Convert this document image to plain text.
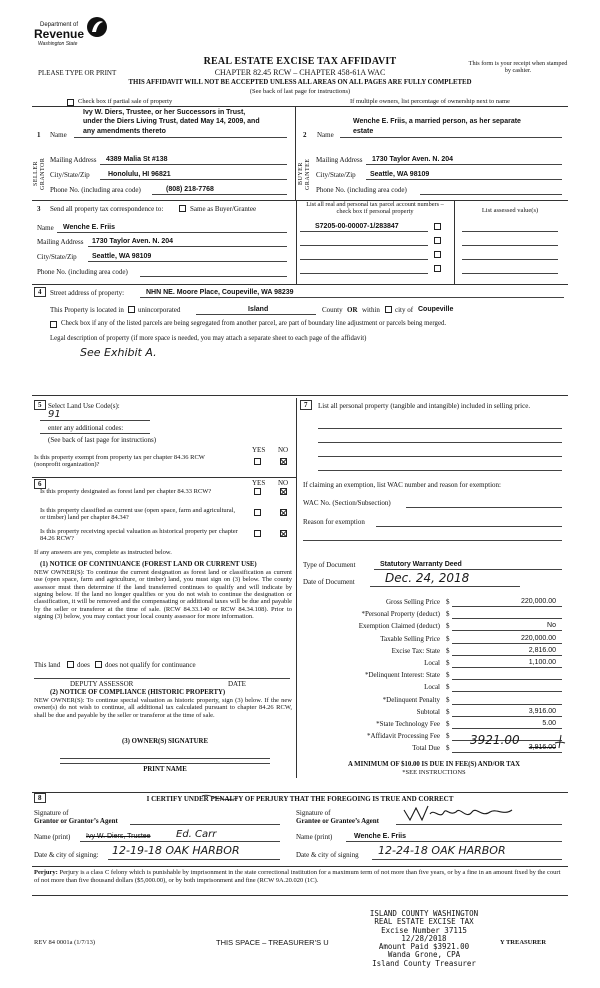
Department of
Revenue
Washington State
REAL ESTATE EXCISE TAX AFFIDAVIT
PLEASE TYPE OR PRINT	CHAPTER 82.45 RCW – CHAPTER 458-61A WAC
This form is your receipt when stamped by cashier.
THIS AFFIDAVIT WILL NOT BE ACCEPTED UNLESS ALL AREAS ON ALL PAGES ARE FULLY COMPLETED
(See back of last page for instructions)
Check box if partial sale of property	If multiple owners, list percentage of ownership next to name
1 Name
Ivy W. Diers, Trustee, or her Successors in Trust,
under the Diers Living Trust, dated May 14, 2009, and
any amendments thereto
SELLER GRANTOR Mailing Address 4389 Malia St #138
City/State/Zip	Honolulu, HI 96821
Phone No. (including area code)	(808) 218-7768
2 Name
Wenche E. Friis, a married person, as her separate
estate
BUYER GRANTEE Mailing Address 1730 Taylor Aven. N. 204
City/State/Zip Seattle, WA 98109
Phone No. (including area code)
3 Send all property tax correspondence to:	Same as Buyer/Grantee
Name Wenche E. Friis
Mailing Address 1730 Taylor Aven. N. 204
City/State/Zip Seattle, WA 98109
Phone No. (including area code)
List all real and personal tax parcel account numbers – check box if personal property	List assessed value(s)
S7205-00-00007-1/283847
4	Street address of property:	NHN NE. Moore Place, Coupeville, WA 98239
This Property is located in unincorporated	Island	County OR within city of Coupeville
Check box if any of the listed parcels are being segregated from another parcel, are part of boundary line adjustment or parcels being merged.
Legal description of property (if more space is needed, you may attach a separate sheet to each page of the affidavit)
See Exhibit A.
5 Select Land Use Code(s):
91
enter any additional codes:
(See back of last page for instructions)
YES NO
Is this property exempt from property tax per chapter 84.36 RCW (nonprofit organization)?
6	YES NO
Is this property designated as forest land per chapter 84.33 RCW?
Is this property classified as current use (open space, farm and agricultural, or timber) land per chapter 84.34?
Is this property receiving special valuation as historical property per chapter 84.26 RCW?
If any answers are yes, complete as instructed below.
(1) NOTICE OF CONTINUANCE (FOREST LAND OR CURRENT USE)
NEW OWNER(S): To continue the current designation as forest land or classification as current use (open space, farm and agriculture, or timber) land, you must sign on (3) below. The county assessor must then determine if the land transferred continues to qualify and will indicate by signing below. If the land no longer qualifies or you do not wish to continue the designation or classification, it will be removed and the compensating or additional taxes will be due and payable by the seller or transferor at the time of sale. (RCW 84.33.140 or RCW 84.34.108). Prior to signing (3) below, you may contact your local county assessor for more information.
This land does does not qualify for continuance
DEPUTY ASSESSOR	DATE
(2) NOTICE OF COMPLIANCE (HISTORIC PROPERTY)
NEW OWNER(S): To continue special valuation as historic property, sign (3) below. If the new owner(s) do not wish to continue, all additional tax calculated pursuant to chapter 84.26 RCW, shall be due and payable by the seller or transferor at the time of sale.
(3) OWNER(S) SIGNATURE
PRINT NAME
7	List all personal property (tangible and intangible) included in selling price.
If claiming an exemption, list WAC number and reason for exemption:
WAC No. (Section/Subsection)
Reason for exemption
Type of Document	Statutory Warranty Deed
Date of Document	Dec. 24, 2018
Gross Selling Price $	220,000.00
*Personal Property (deduct) $
Exemption Claimed (deduct) $	No
Taxable Selling Price $	220,000.00
Excise Tax: State $	2,816.00
Local $	1,100.00
*Delinquent Interest: State $
Local $
*Delinquent Penalty $
Subtotal $	3,916.00
*State Technology Fee $	5.00
*Affidavit Processing Fee $
Total Due $	3,916.00
3921.00
A MINIMUM OF $10.00 IS DUE IN FEE(S) AND/OR TAX
*SEE INSTRUCTIONS
8	I CERTIFY UNDER PENALTY OF PERJURY THAT THE FOREGOING IS TRUE AND CORRECT
Signature of
Grantor or Grantor’s Agent
Name (print) Ivy W. Diers, Trustee	Ed. Carr
Date & city of signing: 12-19-18 OAK HARBOR
Signature of
Grantee or Grantee’s Agent
Name (print)	Wenche E. Friis
Date & city of signing 12-24-18 OAK HARBOR
Perjury: Perjury is a class C felony which is punishable by imprisonment in the state correctional institution for a maximum term of not more than five years, or by a fine in an amount fixed by the court of not more than five thousand dollars ($5,000.00), or by both imprisonment and fine (RCW 9A.20.020 (1C).
REV 84 0001a (1/7/13)	THIS SPACE – TREASURER’S U	Y TREASURER
ISLAND COUNTY WASHINGTON
REAL ESTATE EXCISE TAX
Excise Number 37115
12/28/2018
Amount Paid $3921.00
Wanda Grone, CPA
Island County Treasurer
